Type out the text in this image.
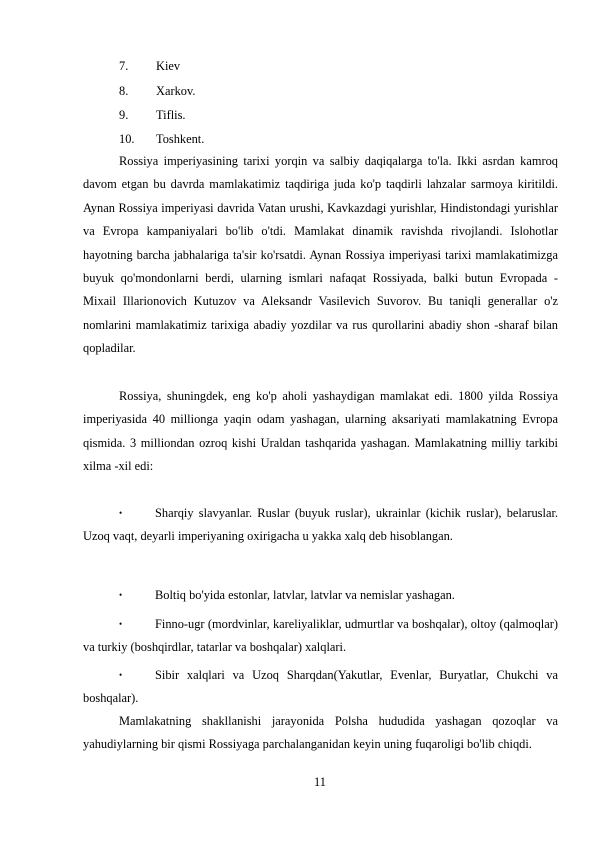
7. Kiev
8. Xarkov.
9. Tiflis.
10. Toshkent.

Rossiya imperiyasining tarixi yorqin va salbiy daqiqalarga to'la. Ikki asrdan kamroq davom etgan bu davrda mamlakatimiz taqdiriga juda ko'p taqdirli lahzalar sarmoya kiritildi. Aynan Rossiya imperiyasi davrida Vatan urushi, Kavkazdagi yurishlar, Hindistondagi yurishlar va Evropa kampaniyalari bo'lib o'tdi. Mamlakat dinamik ravishda rivojlandi. Islohotlar hayotning barcha jabhalariga ta'sir ko'rsatdi. Aynan Rossiya imperiyasi tarixi mamlakatimizga buyuk qo'mondonlarni berdi, ularning ismlari nafaqat Rossiyada, balki butun Evropada - Mixail Illarionovich Kutuzov va Aleksandr Vasilevich Suvorov. Bu taniqli generallar o'z nomlarini mamlakatimiz tarixiga abadiy yozdilar va rus qurollarini abadiy shon -sharaf bilan qopladilar.

Rossiya, shuningdek, eng ko'p aholi yashaydigan mamlakat edi. 1800 yilda Rossiya imperiyasida 40 millionga yaqin odam yashagan, ularning aksariyati mamlakatning Evropa qismida. 3 milliondan ozroq kishi Uraldan tashqarida yashagan. Mamlakatning milliy tarkibi xilma -xil edi:

•	Sharqiy slavyanlar. Ruslar (buyuk ruslar), ukrainlar (kichik ruslar), belaruslar. Uzoq vaqt, deyarli imperiyaning oxirigacha u yakka xalq deb hisoblangan.

•	Boltiq bo'yida estonlar, latvlar, latvlar va nemislar yashagan.

•	Finno-ugr (mordvinlar, kareliyaliklar, udmurtlar va boshqalar), oltoy (qalmoqlar) va turkiy (boshqirdlar, tatarlar va boshqalar) xalqlari.

•	Sibir xalqlari va Uzoq Sharqdan(Yakutlar, Evenlar, Buryatlar, Chukchi va boshqalar).

Mamlakatning shakllanishi jarayonida Polsha hududida yashagan qozoqlar va yahudiylarning bir qismi Rossiyaga parchalanganidan keyin uning fuqaroligi bo'lib chiqdi.

11
